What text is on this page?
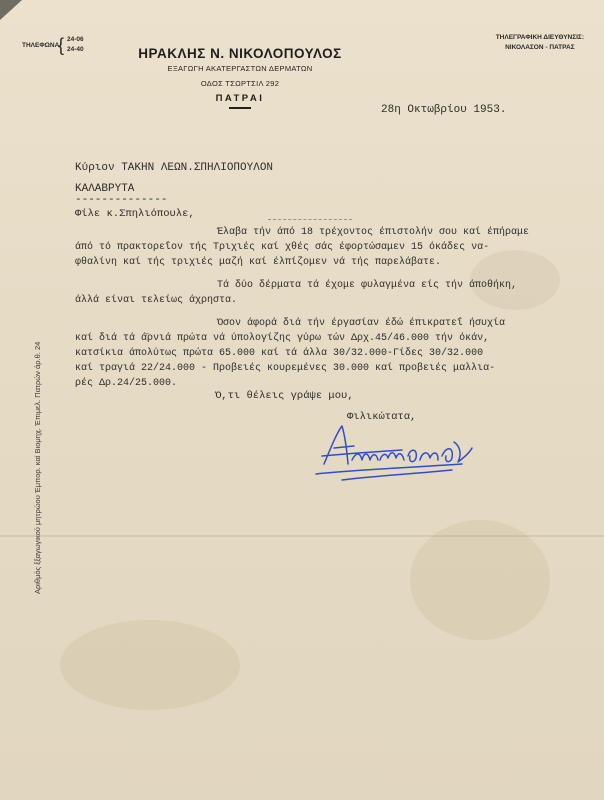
ΤΗΛΕΦΩΝΑ:
{ 24-06
24-40
ΤΗΛΕΓΡΑΦΙΚΗ ΔΙΕΥΘΥΝΣΙΣ:
ΝΙΚΟΛΑΣΟΝ - ΠΑΤΡΑΣ
ΗΡΑΚΛΗΣ Ν. ΝΙΚΟΛΟΠΟΥΛΟΣ
ΕΞΑΓΩΓΗ ΑΚΑΤΕΡΓΑΣΤΩΝ ΔΕΡΜΑΤΩΝ
ΟΔΟΣ ΤΣΩΡΤΣΙΛ 292
ΠΑΤΡΑΙ
28η Οκτωβρίου 1953.
Κύριον ΤΑΚΗΝ ΛΕΩΝ.ΣΠΗΛΙΟΠΟΥΛΟΝ
ΚΑΛΑΒΡΥΤΑ
--------------
Φίλε κ.Σπηλιόπουλε,
Έλαβα τήν άπό 18 τρέχοντος έπιστολήν σου καί έπήραμε
άπό τό πρακτορεΐον τής Τριχιές καί χθές σάς έφορτώσαμεν 15 όκάδες να-
φθαλίνη καί τής τριχιές μαζή καί έλπίζομεν νά τής παρελάβατε.
Τά δύο δέρματα τά έχομε φυλαγμένα είς τήν άποθήκη,
άλλά είναι τελείως άχρηστα.
Όσον άφορά διά τήν έργασίαν έδώ έπικρατεΐ ήσυχία
καί διά τά ά̈ρνιά πρώτα νά ύπολογίζης γύρω τών Δρχ.45/46.000 τήν όκάν,
κατσίκια άπολύτως πρώτα 65.000 καί τά άλλα 30/32.000-Γίδες 30/32.000
καί τραγιά 22/24.000 - Προβειές κουρεμένες 30.000 καί προβειές μαλλια-
ρές Δρ.24/25.000.
Ό,τι θέλεις γράψε μου,
Φιλικώτατα,
Αριθμός ξξαγωγικού μητρώου Έμπορ. καί Βιομηχ. Έπιμελ. Πατρών άρ.θ. 24
